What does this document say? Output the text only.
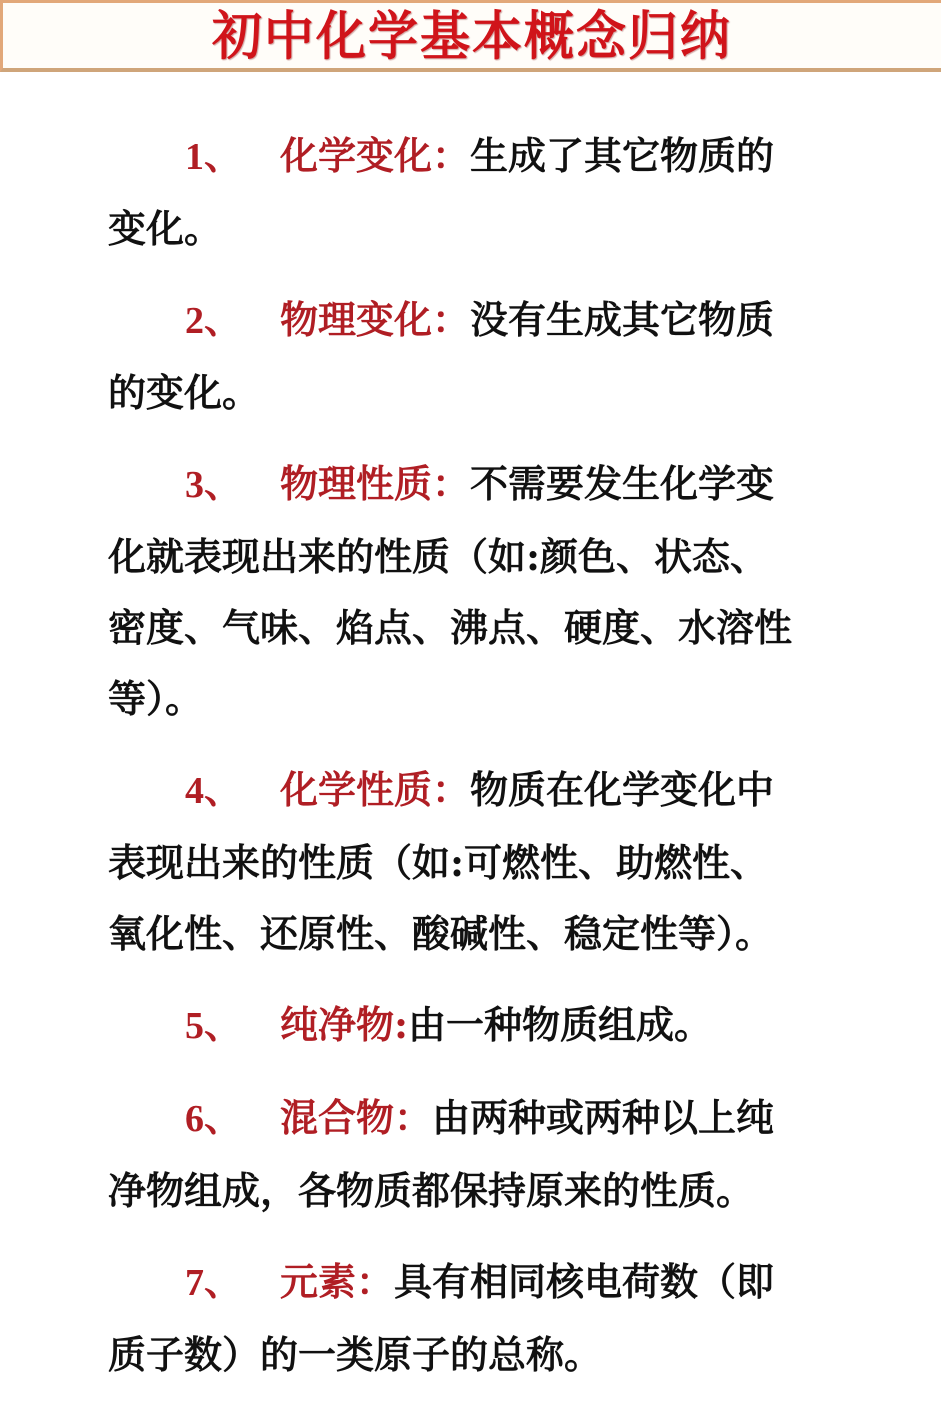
初中化学基本概念归纳

1、 化学变化：生成了其它物质的变化。

2、 物理变化：没有生成其它物质的变化。

3、 物理性质：不需要发生化学变化就表现出来的性质（如:颜色、状态、密度、气味、焰点、沸点、硬度、水溶性等）。

4、 化学性质：物质在化学变化中表现出来的性质（如:可燃性、助燃性、氧化性、还原性、酸碱性、稳定性等）。

5、 纯净物:由一种物质组成。

6、 混合物：由两种或两种以上纯净物组成，各物质都保持原来的性质。

7、 元素：具有相同核电荷数（即质子数）的一类原子的总称。
